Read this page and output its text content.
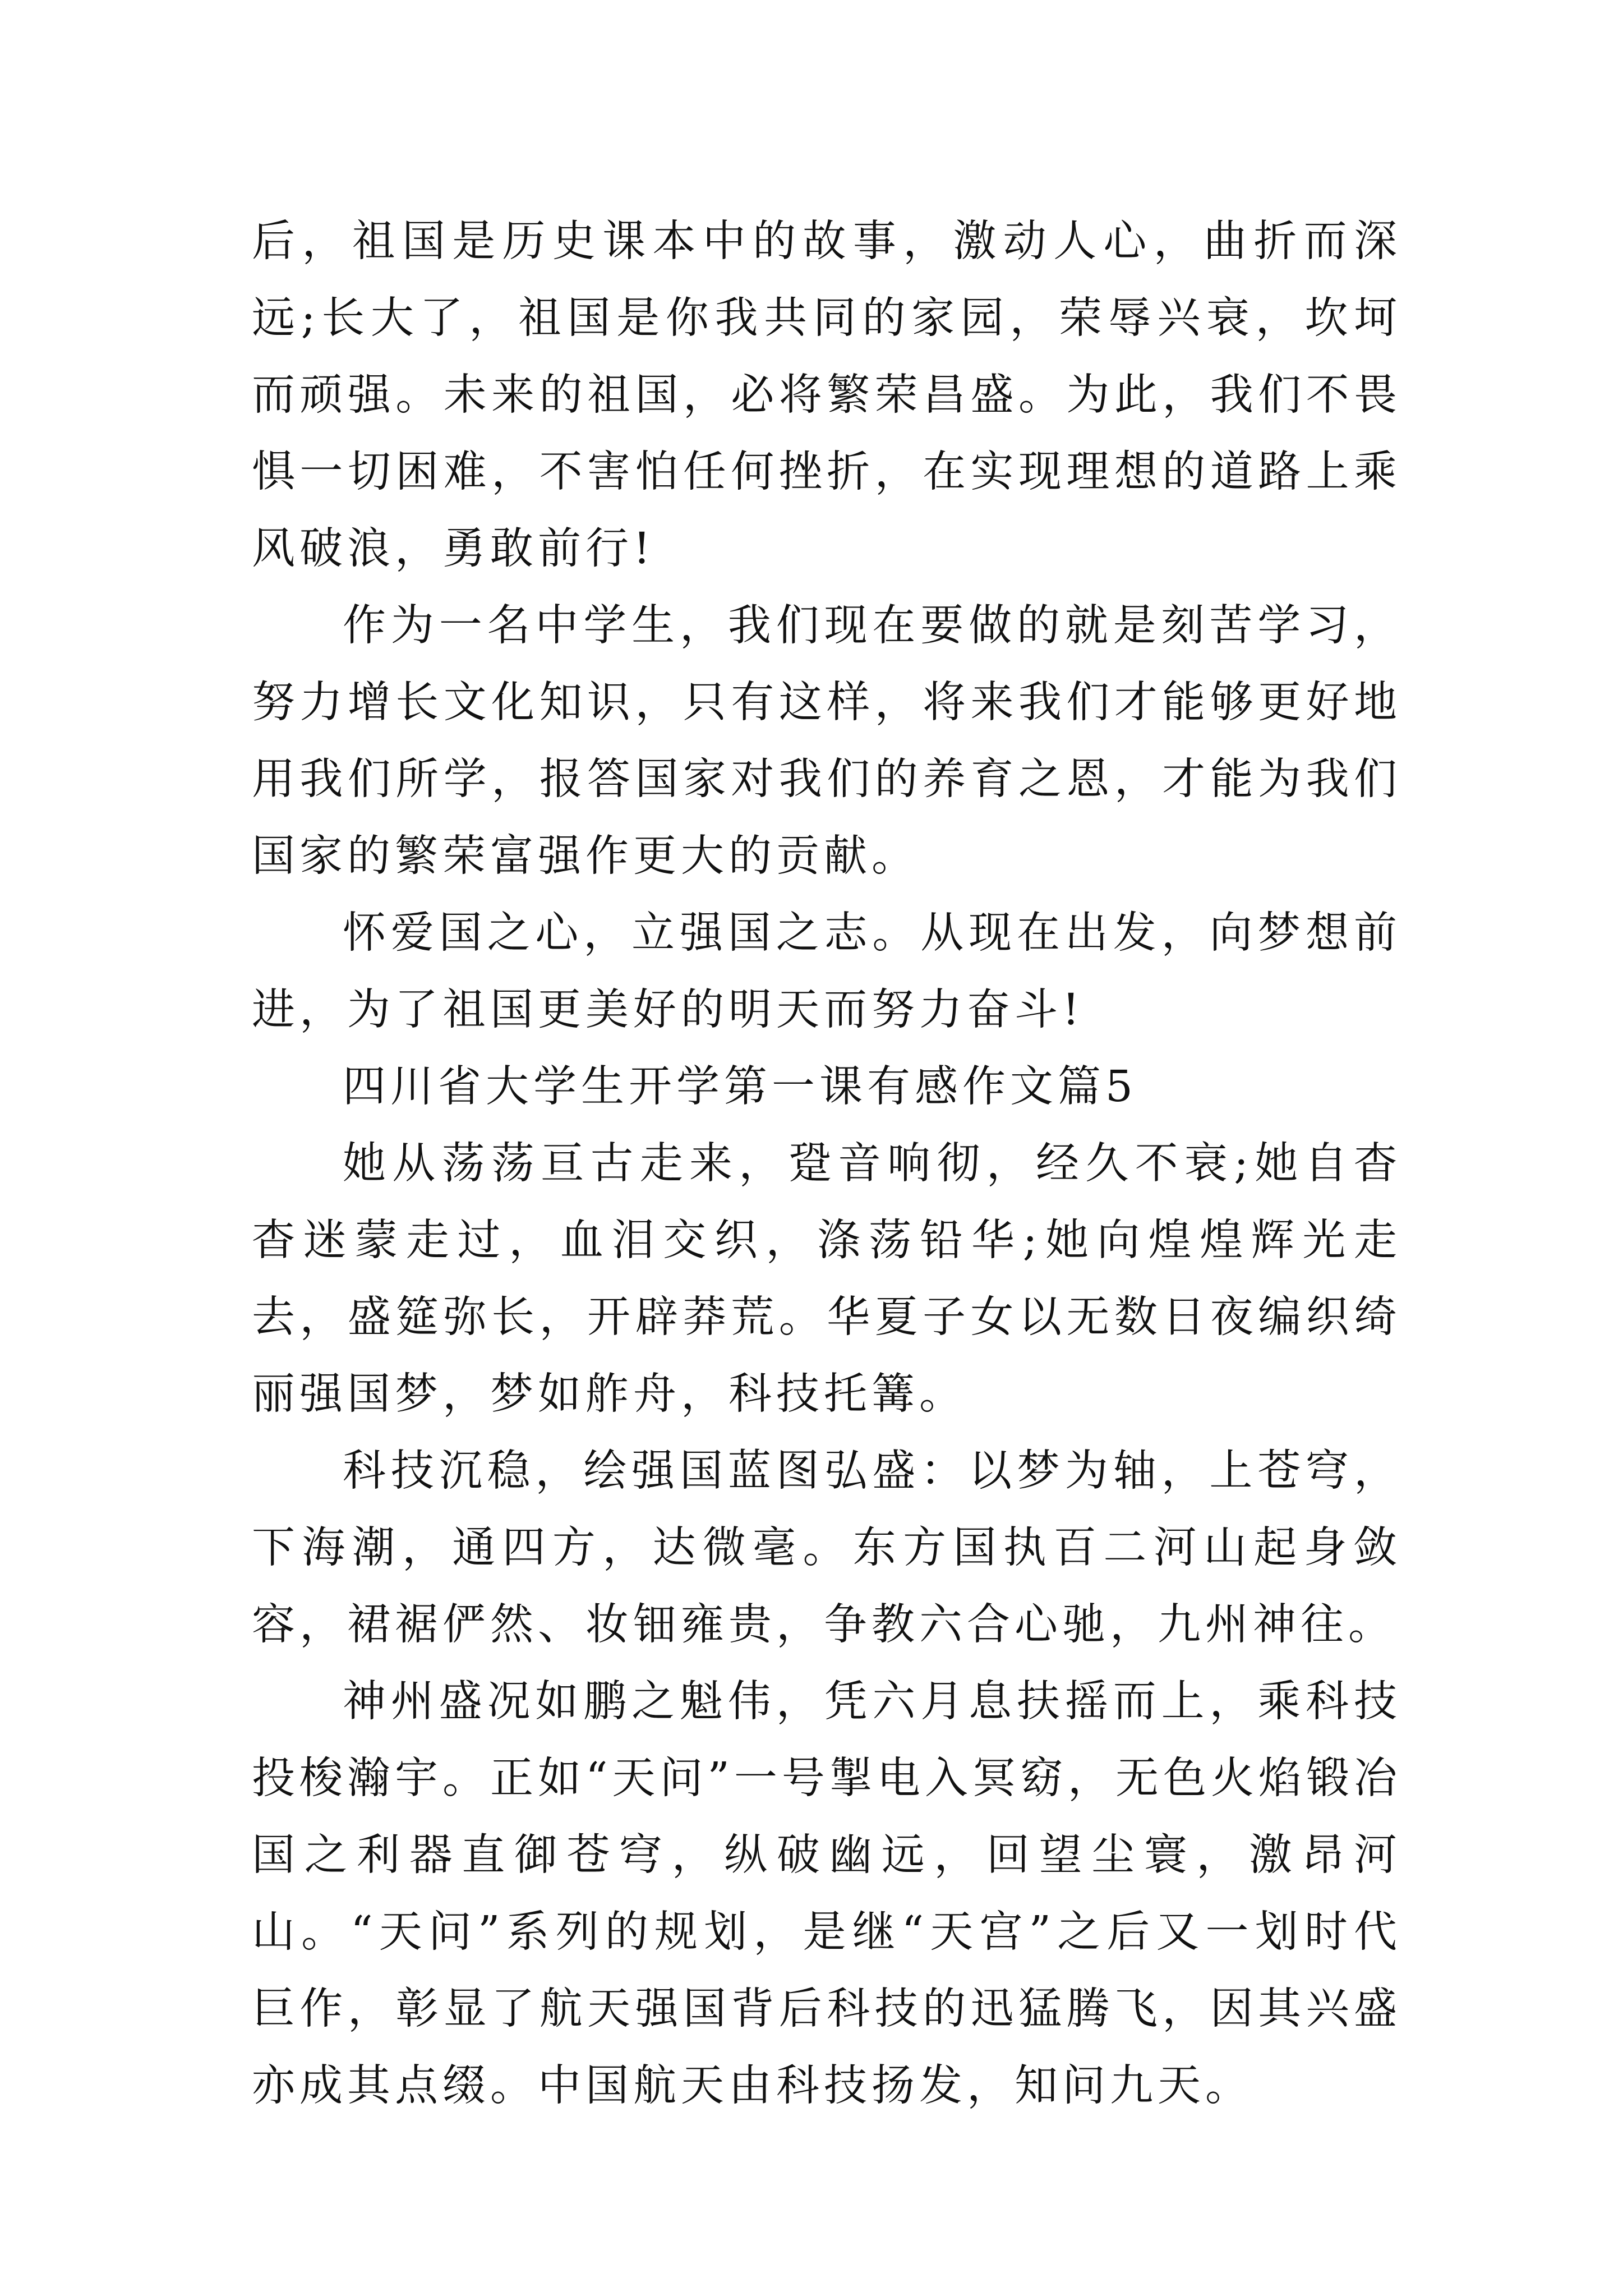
后，祖国是历史课本中的故事，激动人心，曲折而深远;长大了，祖国是你我共同的家园，荣辱兴衰，坎坷而顽强。未来的祖国，必将繁荣昌盛。为此，我们不畏惧一切困难，不害怕任何挫折，在实现理想的道路上乘风破浪，勇敢前行!

作为一名中学生，我们现在要做的就是刻苦学习，努力增长文化知识，只有这样，将来我们才能够更好地用我们所学，报答国家对我们的养育之恩，才能为我们国家的繁荣富强作更大的贡献。

怀爱国之心，立强国之志。从现在出发，向梦想前进，为了祖国更美好的明天而努力奋斗!

四川省大学生开学第一课有感作文篇5

她从荡荡亘古走来，跫音响彻，经久不衰;她自杳杳迷蒙走过，血泪交织，涤荡铅华;她向煌煌辉光走去，盛筵弥长，开辟莽荒。华夏子女以无数日夜编织绮丽强国梦，梦如舴舟，科技托篝。

科技沉稳，绘强国蓝图弘盛：以梦为轴，上苍穹，下海潮，通四方，达微毫。东方国执百二河山起身敛容，裙裾俨然、妆钿雍贵，争教六合心驰，九州神往。

神州盛况如鹏之魁伟，凭六月息扶摇而上，乘科技投梭瀚宇。正如“天问”一号掣电入冥窈，无色火焰锻冶国之利器直御苍穹，纵破幽远，回望尘寰，激昂河山。“天问”系列的规划，是继“天宫”之后又一划时代巨作，彰显了航天强国背后科技的迅猛腾飞，因其兴盛亦成其点缀。中国航天由科技扬发，知问九天。
